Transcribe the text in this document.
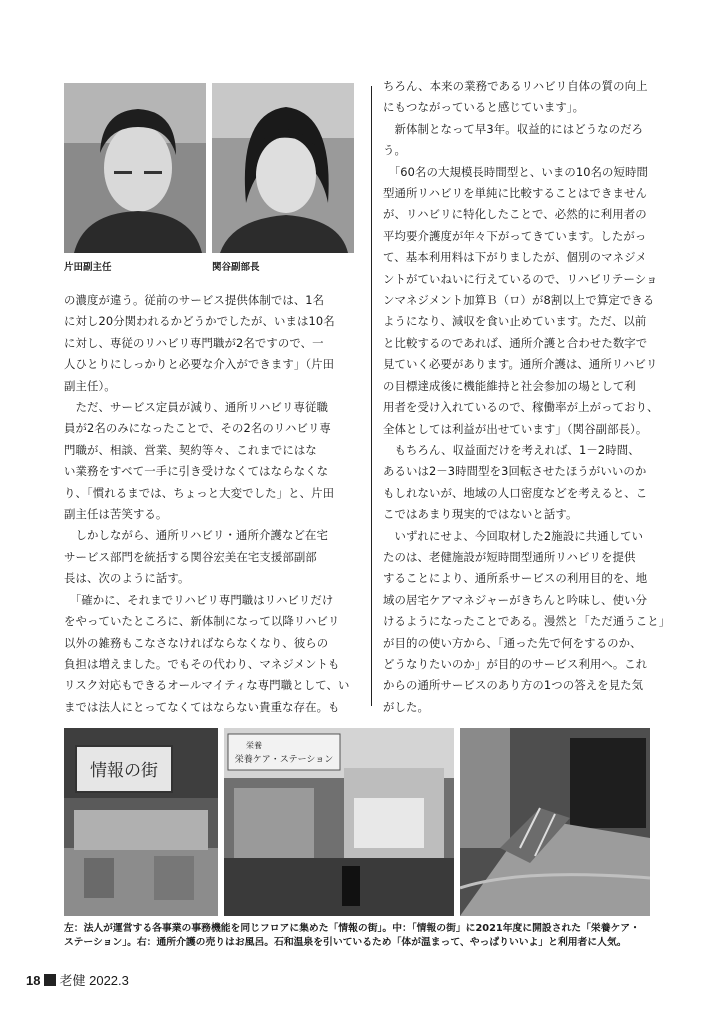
片田副主任	関谷副部長

の濃度が違う。従前のサービス提供体制では、1名

に対し20分関われるかどうかでしたが、いまは10名

に対し、専従のリハビリ専門職が2名ですので、一

人ひとりにしっかりと必要な介入ができます」（片田

副主任）。

　ただ、サービス定員が減り、通所リハビリ専従職

員が2名のみになったことで、その2名のリハビリ専

門職が、相談、営業、契約等々、これまでにはな

い業務をすべて一手に引き受けなくてはならなくな

り、「慣れるまでは、ちょっと大変でした」と、片田

副主任は苦笑する。

　しかしながら、通所リハビリ・通所介護など在宅

サービス部門を統括する関谷宏美在宅支援部副部

長は、次のように話す。

　「確かに、それまでリハビリ専門職はリハビリだけ

をやっていたところに、新体制になって以降リハビリ

以外の雑務もこなさなければならなくなり、彼らの

負担は増えました。でもその代わり、マネジメントも

リスク対応もできるオールマイティな専門職として、い

までは法人にとってなくてはならない貴重な存在。も

ちろん、本来の業務であるリハビリ自体の質の向上

にもつながっていると感じています」。

　新体制となって早3年。収益的にはどうなのだろ

う。

　「60名の大規模長時間型と、いまの10名の短時間

型通所リハビリを単純に比較することはできません

が、リハビリに特化したことで、必然的に利用者の

平均要介護度が年々下がってきています。したがっ

て、基本利用料は下がりましたが、個別のマネジメ

ントがていねいに行えているので、リハビリテーショ

ンマネジメント加算Ｂ（ロ）が8割以上で算定できる

ようになり、減収を食い止めています。ただ、以前

と比較するのであれば、通所介護と合わせた数字で

見ていく必要があります。通所介護は、通所リハビリ

の目標達成後に機能維持と社会参加の場として利

用者を受け入れているので、稼働率が上がっており、

全体としては利益が出せています」（関谷副部長）。

　もちろん、収益面だけを考えれば、1－2時間、

あるいは2－3時間型を3回転させたほうがいいのか

もしれないが、地域の人口密度などを考えると、こ

こではあまり現実的ではないと話す。

　いずれにせよ、今回取材した2施設に共通してい

たのは、老健施設が短時間型通所リハビリを提供

することにより、通所系サービスの利用目的を、地

域の居宅ケアマネジャーがきちんと吟味し、使い分

けるようになったことである。漫然と「ただ通うこと」

が目的の使い方から、「通った先で何をするのか、

どうなりたいのか」が目的のサービス利用へ。これ

からの通所サービスのあり方の1つの答えを見た気

がした。

情報の街
栄養
栄養ケア・ステーション
左：法人が運営する各事業の事務機能を同じフロアに集めた「情報の街」。中：「情報の街」に2021年度に開設された「栄養ケア・
ステーション」。右：通所介護の売りはお風呂。石和温泉を引いているため「体が温まって、やっぱりいいよ」と利用者に人気。
18 老健 2022.3
